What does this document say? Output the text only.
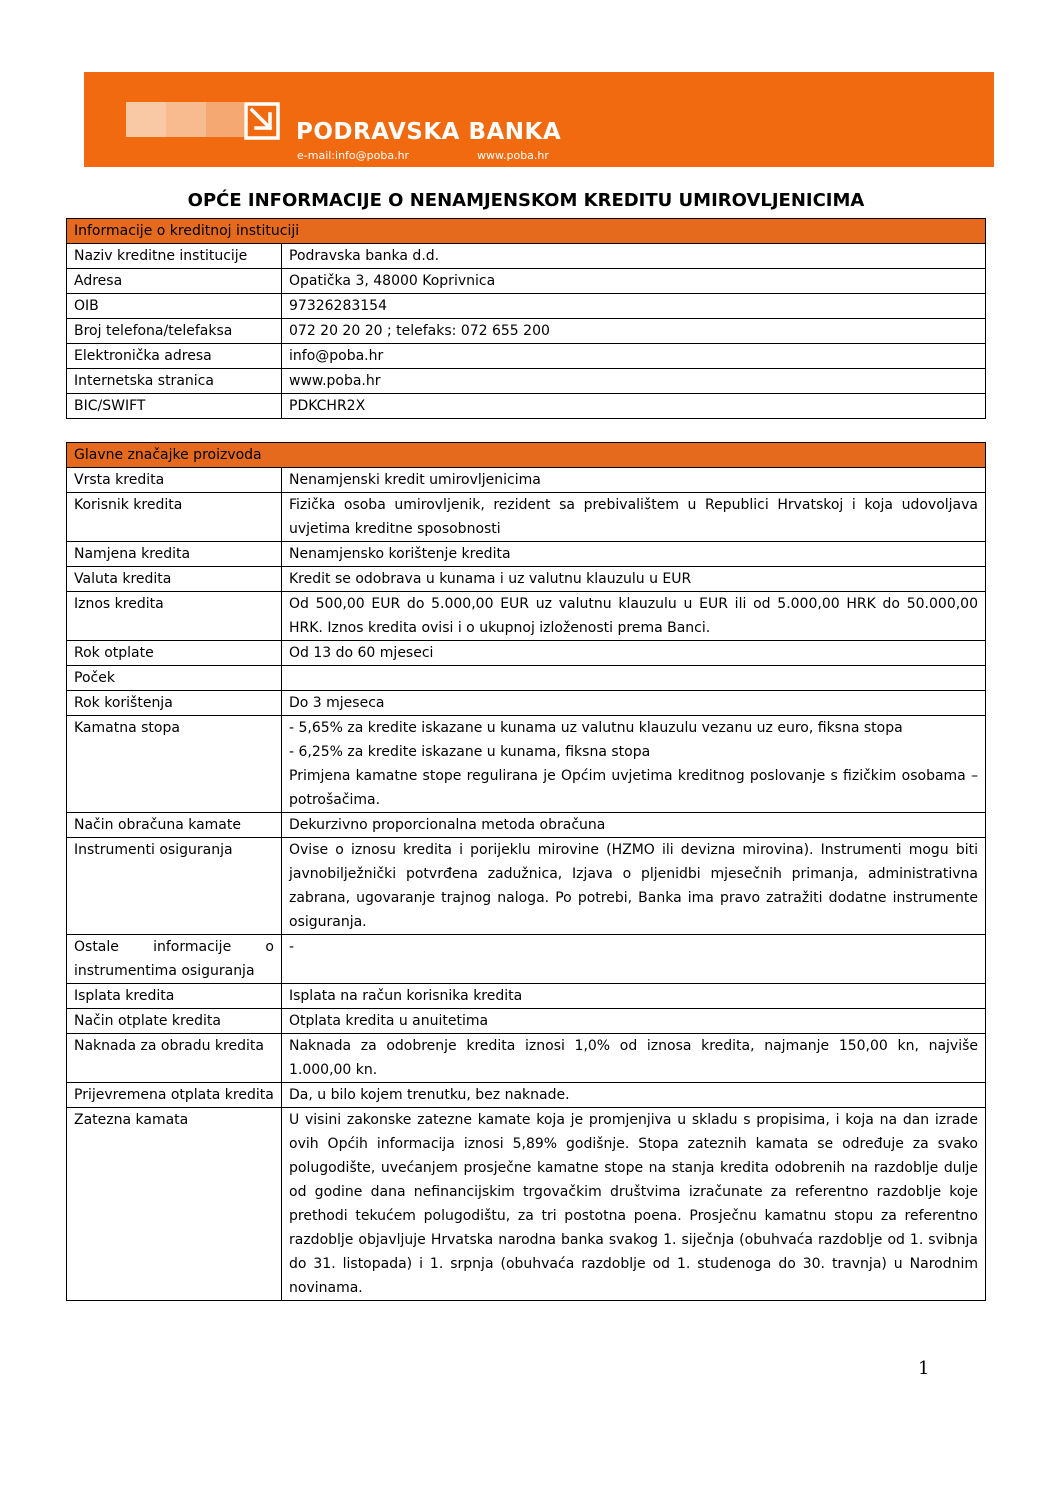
PODRAVSKA BANKA
e-mail:info@poba.hr	www.poba.hr
OPĆE INFORMACIJE O NENAMJENSKOM KREDITU UMIROVLJENICIMA
Informacije o kreditnoj instituciji	
Naziv kreditne institucije	Podravska banka d.d.
Adresa	Opatička 3, 48000 Koprivnica
OIB	97326283154
Broj telefona/telefaksa	072 20 20 20 ; telefaks: 072 655 200
Elektronička adresa	info@poba.hr
Internetska stranica	www.poba.hr
BIC/SWIFT	PDKCHR2X
Glavne značajke proizvoda	
Vrsta kredita	Nenamjenski kredit umirovljenicima
Korisnik kredita	Fizička osoba umirovljenik, rezident sa prebivalištem u Republici Hrvatskoj i koja udovoljava uvjetima kreditne sposobnosti
Namjena kredita	Nenamjensko korištenje kredita
Valuta kredita	Kredit se odobrava u kunama i uz valutnu klauzulu u EUR
Iznos kredita	Od 500,00 EUR do 5.000,00 EUR uz valutnu klauzulu u EUR ili od 5.000,00 HRK do 50.000,00 HRK. Iznos kredita ovisi i o ukupnoj izloženosti prema Banci.
Rok otplate	Od 13 do 60 mjeseci
Poček	
Rok korištenja	Do 3 mjeseca
Kamatna stopa	- 5,65% za kredite iskazane u kunama uz valutnu klauzulu vezanu uz euro, fiksna stopa
- 6,25% za kredite iskazane u kunama, fiksna stopa
Primjena kamatne stope regulirana je Općim uvjetima kreditnog poslovanje s fizičkim osobama – potrošačima.

Način obračuna kamate	Dekurzivno proporcionalna metoda obračuna
Instrumenti osiguranja	Ovise o iznosu kredita i porijeklu mirovine (HZMO ili devizna mirovina). Instrumenti mogu biti javnobilježnički potvrđena zadužnica, Izjava o pljenidbi mjesečnih primanja, administrativna zabrana, ugovaranje trajnog naloga. Po potrebi, Banka ima pravo zatražiti dodatne instrumente osiguranja.
Ostale informacije o instrumentima osiguranja	-
Isplata kredita	Isplata na račun korisnika kredita
Način otplate kredita	Otplata kredita u anuitetima
Naknada za obradu kredita	Naknada za odobrenje kredita iznosi 1,0% od iznosa kredita, najmanje 150,00 kn, najviše 1.000,00 kn.
Prijevremena otplata kredita	Da, u bilo kojem trenutku, bez naknade.
Zatezna kamata	U visini zakonske zatezne kamate koja je promjenjiva u skladu s propisima, i koja na dan izrade ovih Općih informacija iznosi 5,89% godišnje. Stopa zateznih kamata se određuje za svako polugodište, uvećanjem prosječne kamatne stope na stanja kredita odobrenih na razdoblje dulje od godine dana nefinancijskim trgovačkim društvima izračunate za referentno razdoblje koje prethodi tekućem polugodištu, za tri postotna poena. Prosječnu kamatnu stopu za referentno razdoblje objavljuje Hrvatska narodna banka svakog 1. siječnja (obuhvaća razdoblje od 1. svibnja do 31. listopada) i 1. srpnja (obuhvaća razdoblje od 1. studenoga do 30. travnja) u Narodnim novinama.
1
